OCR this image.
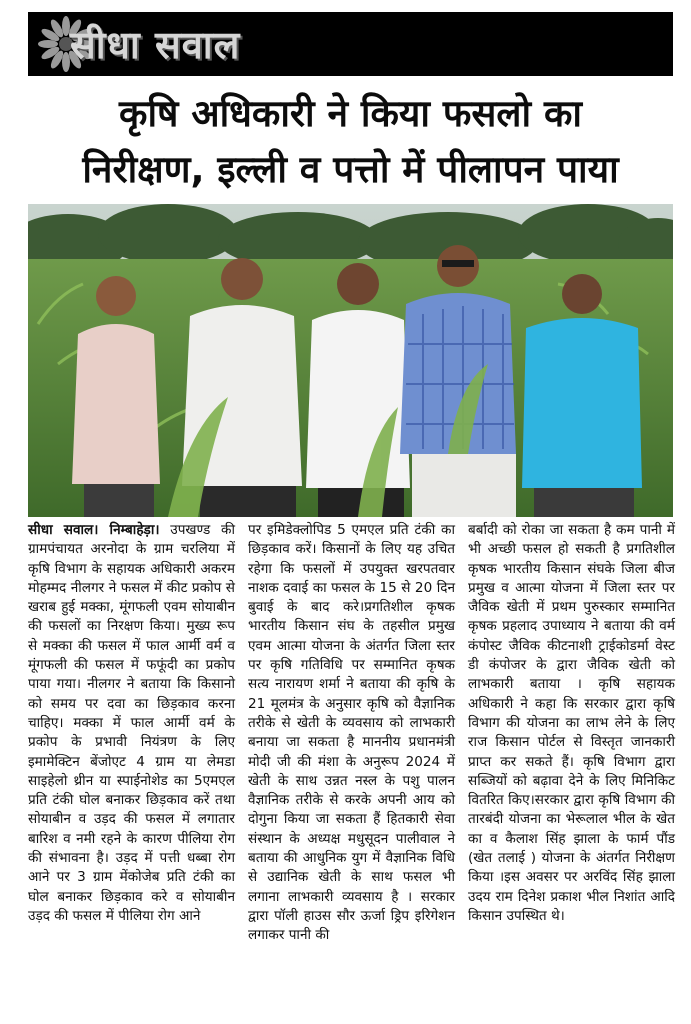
सीधा सवाल
कृषि अधिकारी ने किया फसलो का
निरीक्षण, इल्ली व पत्तो में पीलापन पाया

सीधा सवाल। निम्बाहेड़ा। उपखण्ड की ग्रामपंचायत अरनोदा के ग्राम चरलिया में कृषि विभाग के सहायक अधिकारी अकरम मोहम्मद नीलगर ने फसल में कीट प्रकोप से खराब हुई मक्का, मूंगफली एवम सोयाबीन की फसलों का निरक्षण किया। मुख्य रूप से मक्का की फसल में फाल आर्मी वर्म व मूंगफली की फसल में फफूंदी का प्रकोप पाया गया। नीलगर ने बताया कि किसानो को समय पर दवा का छिड़काव करना चाहिए। मक्का में फाल आर्मी वर्म के प्रकोप के प्रभावी नियंत्रण के लिए इमामेक्टिन बेंजोएट 4 ग्राम या लेमडा साइहेलो थ्रीन या स्पाईनोशेड का 5एमएल प्रति टंकी घोल बनाकर छिड़काव करें तथा सोयाबीन व उड़द की फसल में लगातार बारिश व नमी रहने के कारण पीलिया रोग की संभावना है। उड़द में पत्ती धब्बा रोग आने पर 3 ग्राम मेंकोजेब प्रति टंकी का घोल बनाकर छिड़काव करे व सोयाबीन उड़द की फसल में पीलिया रोग आने

पर इमिडेक्लोपिड 5 एमएल प्रति टंकी का छिड़काव करें। किसानों के लिए यह उचित रहेगा कि फसलों में उपयुक्त खरपतवार नाशक दवाई का फसल के 15 से 20 दिन बुवाई के बाद करे।प्रगतिशील कृषक भारतीय किसान संघ के तहसील प्रमुख एवम आत्मा योजना के अंतर्गत जिला स्तर पर कृषि गतिविधि पर सम्मानित कृषक सत्य नारायण शर्मा ने बताया की कृषि के 21 मूलमंत्र के अनुसार कृषि को वैज्ञानिक तरीके से खेती के व्यवसाय को लाभकारी बनाया जा सकता है माननीय प्रधानमंत्री मोदी जी की मंशा के अनुरूप 2024 में खेती के साथ उन्नत नस्ल के पशु पालन वैज्ञानिक तरीके से करके अपनी आय को दोगुना किया जा सकता हैं हितकारी सेवा संस्थान के अध्यक्ष मधुसूदन पालीवाल ने बताया की आधुनिक युग में वैज्ञानिक विधि से उद्यानिक खेती के साथ फसल भी लगाना लाभकारी व्यवसाय है । सरकार द्वारा पॉली हाउस सौर ऊर्जा ड्रिप इरिगेशन लगाकर पानी की

बर्बादी को रोका जा सकता है कम पानी में भी अच्छी फसल हो सकती है प्रगतिशील कृषक भारतीय किसान संघके जिला बीज प्रमुख व आत्मा योजना में जिला स्तर पर जैविक खेती में प्रथम पुरुस्कार सम्मानित कृषक प्रहलाद उपाध्याय ने बताया की वर्म कंपोस्ट जैविक कीटनाशी ट्राईकोडर्मा वेस्ट डी कंपोजर के द्वारा जैविक खेती को लाभकारी बताया । कृषि सहायक अधिकारी ने कहा कि सरकार द्वारा कृषि विभाग की योजना का लाभ लेने के लिए राज किसान पोर्टल से विस्तृत जानकारी प्राप्त कर सकते हैं। कृषि विभाग द्वारा सब्जियों को बढ़ावा देने के लिए मिनिकिट वितरित किए।सरकार द्वारा कृषि विभाग की तारबंदी योजना का भेरूलाल भील के खेत का व कैलाश सिंह झाला के फार्म पौंड (खेत तलाई ) योजना के अंतर्गत निरीक्षण किया ।इस अवसर पर अरविंद सिंह झाला उदय राम दिनेश प्रकाश भील निशांत आदि किसान उपस्थित थे।
